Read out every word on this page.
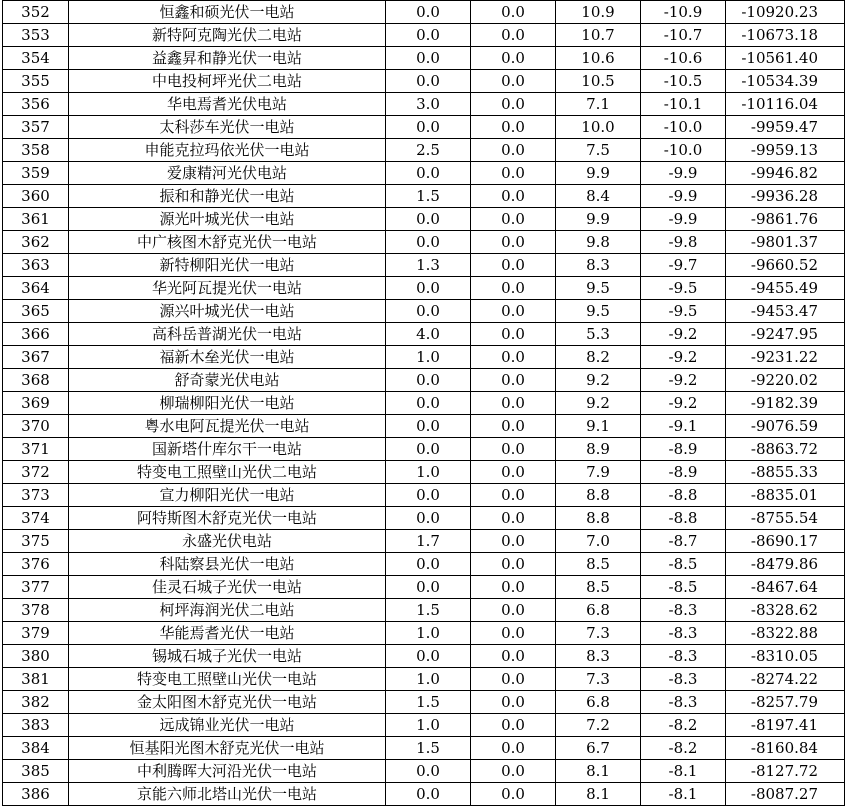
352	恒鑫和硕光伏一电站	0.0	0.0	10.9	-10.9	-10920.23
353	新特阿克陶光伏二电站	0.0	0.0	10.7	-10.7	-10673.18
354	益鑫昇和静光伏一电站	0.0	0.0	10.6	-10.6	-10561.40
355	中电投柯坪光伏二电站	0.0	0.0	10.5	-10.5	-10534.39
356	华电焉耆光伏电站	3.0	0.0	7.1	-10.1	-10116.04
357	太科莎车光伏一电站	0.0	0.0	10.0	-10.0	-9959.47
358	申能克拉玛依光伏一电站	2.5	0.0	7.5	-10.0	-9959.13
359	爱康精河光伏电站	0.0	0.0	9.9	-9.9	-9946.82
360	振和和静光伏一电站	1.5	0.0	8.4	-9.9	-9936.28
361	源光叶城光伏一电站	0.0	0.0	9.9	-9.9	-9861.76
362	中广核图木舒克光伏一电站	0.0	0.0	9.8	-9.8	-9801.37
363	新特柳阳光伏一电站	1.3	0.0	8.3	-9.7	-9660.52
364	华光阿瓦提光伏一电站	0.0	0.0	9.5	-9.5	-9455.49
365	源兴叶城光伏一电站	0.0	0.0	9.5	-9.5	-9453.47
366	高科岳普湖光伏一电站	4.0	0.0	5.3	-9.2	-9247.95
367	福新木垒光伏一电站	1.0	0.0	8.2	-9.2	-9231.22
368	舒奇蒙光伏电站	0.0	0.0	9.2	-9.2	-9220.02
369	柳瑞柳阳光伏一电站	0.0	0.0	9.2	-9.2	-9182.39
370	粤水电阿瓦提光伏一电站	0.0	0.0	9.1	-9.1	-9076.59
371	国新塔什库尔干一电站	0.0	0.0	8.9	-8.9	-8863.72
372	特变电工照壁山光伏二电站	1.0	0.0	7.9	-8.9	-8855.33
373	宣力柳阳光伏一电站	0.0	0.0	8.8	-8.8	-8835.01
374	阿特斯图木舒克光伏一电站	0.0	0.0	8.8	-8.8	-8755.54
375	永盛光伏电站	1.7	0.0	7.0	-8.7	-8690.17
376	科陆察县光伏一电站	0.0	0.0	8.5	-8.5	-8479.86
377	佳灵石城子光伏一电站	0.0	0.0	8.5	-8.5	-8467.64
378	柯坪海润光伏二电站	1.5	0.0	6.8	-8.3	-8328.62
379	华能焉耆光伏一电站	1.0	0.0	7.3	-8.3	-8322.88
380	锡城石城子光伏一电站	0.0	0.0	8.3	-8.3	-8310.05
381	特变电工照壁山光伏一电站	1.0	0.0	7.3	-8.3	-8274.22
382	金太阳图木舒克光伏一电站	1.5	0.0	6.8	-8.3	-8257.79
383	远成锦业光伏一电站	1.0	0.0	7.2	-8.2	-8197.41
384	恒基阳光图木舒克光伏一电站	1.5	0.0	6.7	-8.2	-8160.84
385	中利腾晖大河沿光伏一电站	0.0	0.0	8.1	-8.1	-8127.72
386	京能六师北塔山光伏一电站	0.0	0.0	8.1	-8.1	-8087.27
